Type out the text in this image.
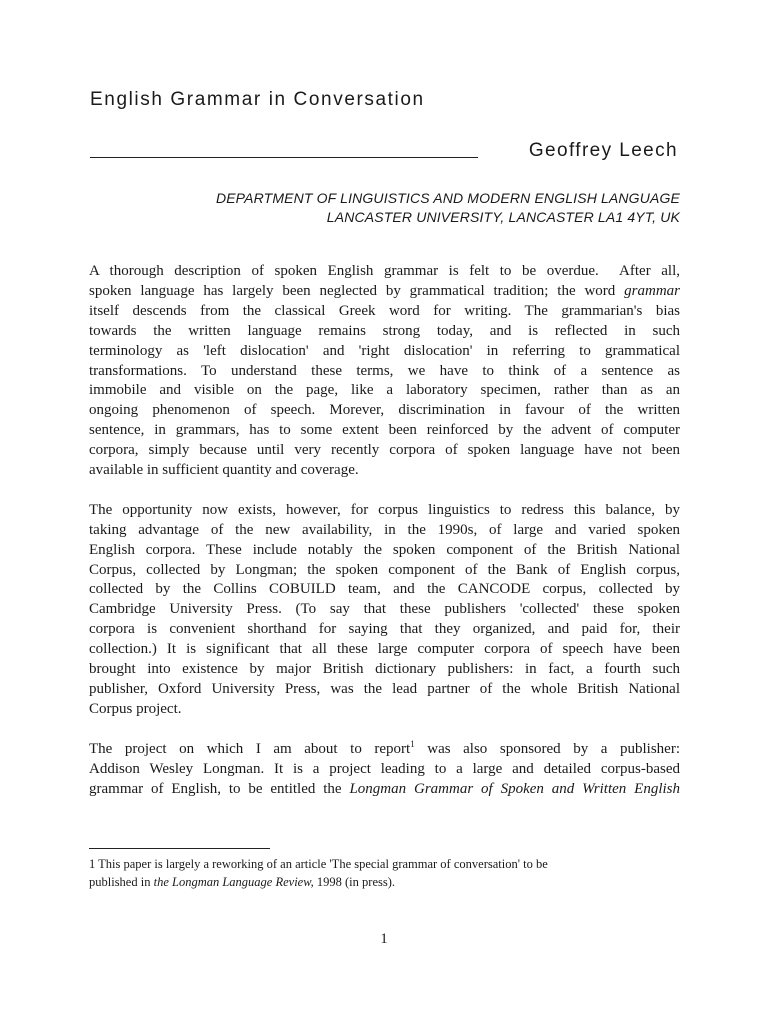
English Grammar in Conversation
Geoffrey Leech
DEPARTMENT OF LINGUISTICS AND MODERN ENGLISH LANGUAGE
LANCASTER UNIVERSITY, LANCASTER LA1 4YT, UK

A thorough description of spoken English grammar is felt to be overdue.  After all,
spoken language has largely been neglected by grammatical tradition; the word grammar
itself descends from the classical Greek word for writing. The grammarian's bias
towards the written language remains strong today, and is reflected in such
terminology as 'left dislocation' and 'right dislocation' in referring to grammatical
transformations. To understand these terms, we have to think of a sentence as
immobile and visible on the page, like a laboratory specimen, rather than as an
ongoing phenomenon of speech. Morever, discrimination in favour of the written
sentence, in grammars, has to some extent been reinforced by the advent of computer
corpora, simply because until very recently corpora of spoken language have not been
available in sufficient quantity and coverage.

The opportunity now exists, however, for corpus linguistics to redress this balance, by
taking advantage of the new availability, in the 1990s, of large and varied spoken
English corpora. These include notably the spoken component of the British National
Corpus, collected by Longman; the spoken component of the Bank of English corpus,
collected by the Collins COBUILD team, and the CANCODE corpus, collected by
Cambridge University Press. (To say that these publishers 'collected' these spoken
corpora is convenient shorthand for saying that they organized, and paid for, their
collection.) It is significant that all these large computer corpora of speech have been
brought into existence by major British dictionary publishers: in fact, a fourth such
publisher, Oxford University Press, was the lead partner of the whole British National
Corpus project.

The project on which I am about to report$^1$ was also sponsored by a publisher:
Addison Wesley Longman. It is a project leading to a large and detailed corpus-based
grammar of English, to be entitled the Longman Grammar of Spoken and Written English

1 This paper is largely a reworking of an article 'The special grammar of conversation' to be
published in the Longman Language Review, 1998 (in press).
1
